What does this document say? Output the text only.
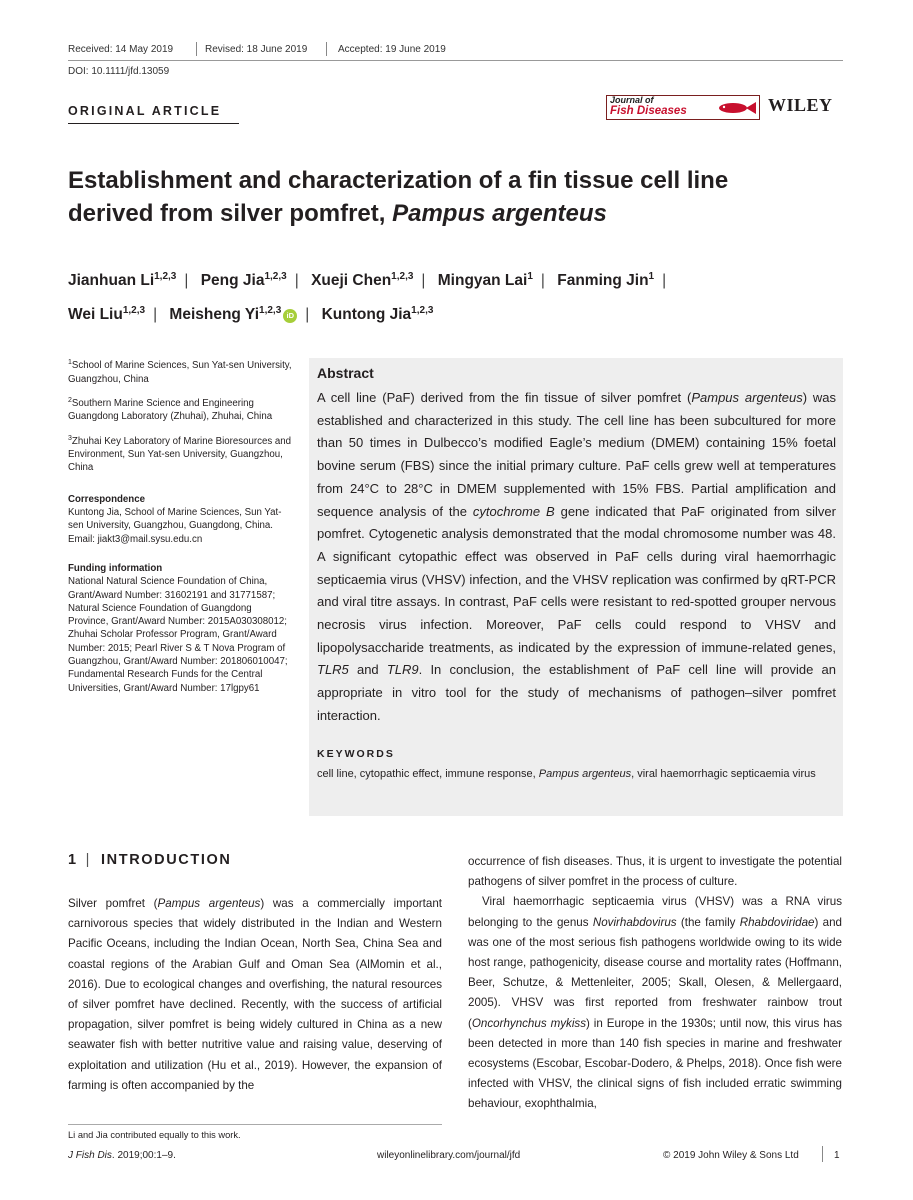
Received: 14 May 2019	Revised: 18 June 2019	Accepted: 19 June 2019
DOI: 10.1111/jfd.13059
ORIGINAL ARTICLE
Journal of
Fish Diseases	WILEY
Establishment and characterization of a fin tissue cell line
derived from silver pomfret, Pampus argenteus
Jianhuan Li$^{1,2,3}$ | Peng Jia$^{1,2,3}$ | Xueji Chen$^{1,2,3}$ | Mingyan Lai$^1$ | Fanming Jin$^1$ |
Wei Liu$^{1,2,3}$ | Meisheng Yi$^{1,2,3}$ iD | Kuntong Jia$^{1,2,3}$

$^1$School of Marine Sciences, Sun Yat-sen University, Guangzhou, China

$^2$Southern Marine Science and Engineering Guangdong Laboratory (Zhuhai), Zhuhai, China

$^3$Zhuhai Key Laboratory of Marine Bioresources and Environment, Sun Yat-sen University, Guangzhou, China

Correspondence
Kuntong Jia, School of Marine Sciences, Sun Yat-sen University, Guangzhou, Guangdong, China.
Email: jiakt3@mail.sysu.edu.cn

Funding information
National Natural Science Foundation of China, Grant/Award Number: 31602191 and 31771587; Natural Science Foundation of Guangdong Province, Grant/Award Number: 2015A030308012; Zhuhai Scholar Professor Program, Grant/Award Number: 2015; Pearl River S & T Nova Program of Guangzhou, Grant/Award Number: 201806010047; Fundamental Research Funds for the Central Universities, Grant/Award Number: 17lgpy61

Abstract
A cell line (PaF) derived from the fin tissue of silver pomfret (Pampus argenteus) was established and characterized in this study. The cell line has been subcultured for more than 50 times in Dulbecco’s modified Eagle’s medium (DMEM) containing 15% foetal bovine serum (FBS) since the initial primary culture. PaF cells grew well at temperatures from 24°C to 28°C in DMEM supplemented with 15% FBS. Partial amplification and sequence analysis of the cytochrome B gene indicated that PaF originated from silver pomfret. Cytogenetic analysis demonstrated that the modal chromosome number was 48. A significant cytopathic effect was observed in PaF cells during viral haemorrhagic septicaemia virus (VHSV) infection, and the VHSV replication was confirmed by qRT-PCR and viral titre assays. In contrast, PaF cells were resistant to red-spotted grouper nervous necrosis virus infection. Moreover, PaF cells could respond to VHSV and lipopolysaccharide treatments, as indicated by the expression of immune-related genes, TLR5 and TLR9. In conclusion, the establishment of PaF cell line will provide an appropriate in vitro tool for the study of mechanisms of pathogen–silver pomfret interaction.
KEYWORDS
cell line, cytopathic effect, immune response, Pampus argenteus, viral haemorrhagic septicaemia virus
1 | INTRODUCTION
Silver pomfret (Pampus argenteus) was a commercially important carnivorous species that widely distributed in the Indian and Western Pacific Oceans, including the Indian Ocean, North Sea, China Sea and coastal regions of the Arabian Gulf and Oman Sea (AlMomin et al., 2016). Due to ecological changes and overfishing, the natural resources of silver pomfret have declined. Recently, with the success of artificial propagation, silver pomfret is being widely cultured in China as a new seawater fish with better nutritive value and raising value, deserving of exploitation and utilization (Hu et al., 2019). However, the expansion of farming is often accompanied by the
occurrence of fish diseases. Thus, it is urgent to investigate the potential pathogens of silver pomfret in the process of culture.
Viral haemorrhagic septicaemia virus (VHSV) was a RNA virus belonging to the genus Novirhabdovirus (the family Rhabdoviridae) and was one of the most serious fish pathogens worldwide owing to its wide host range, pathogenicity, disease course and mortality rates (Hoffmann, Beer, Schutze, & Mettenleiter, 2005; Skall, Olesen, & Mellergaard, 2005). VHSV was first reported from freshwater rainbow trout (Oncorhynchus mykiss) in Europe in the 1930s; until now, this virus has been detected in more than 140 fish species in marine and freshwater ecosystems (Escobar, Escobar-Dodero, & Phelps, 2018). Once fish were infected with VHSV, the clinical signs of fish included erratic swimming behaviour, exophthalmia,
Li and Jia contributed equally to this work.
J Fish Dis. 2019;00:1–9.	wileyonlinelibrary.com/journal/jfd	© 2019 John Wiley & Sons Ltd	1
